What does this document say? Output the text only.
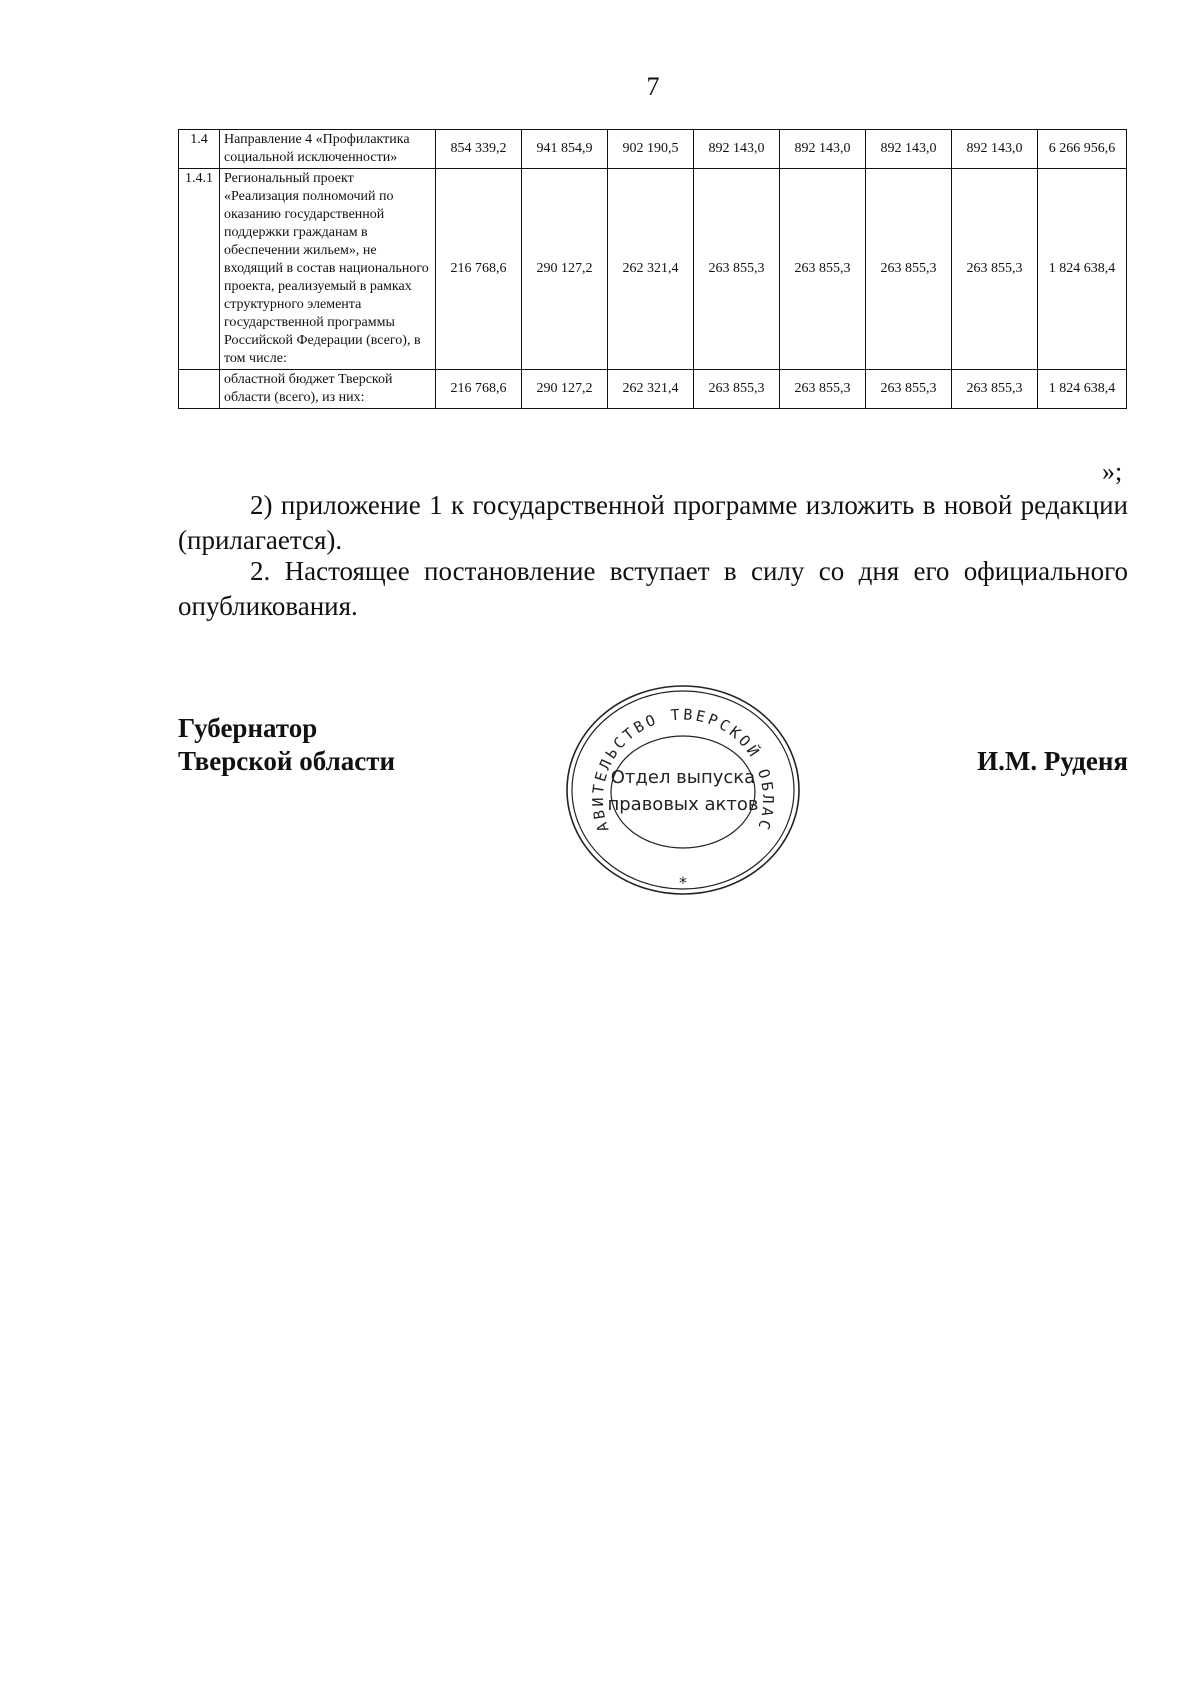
7
1.4	Направление 4 «Профилактика социальной исключенности»	854 339,2	941 854,9	902 190,5	892 143,0	892 143,0	892 143,0	892 143,0	6 266 956,6
1.4.1	Региональный проект «Реализация полномочий по оказанию государственной поддержки гражданам в обеспечении жильем», не входящий в состав национального проекта, реализуемый в рамках структурного элемента государственной программы Российской Федерации (всего), в том числе:	216 768,6	290 127,2	262 321,4	263 855,3	263 855,3	263 855,3	263 855,3	1 824 638,4
	областной бюджет Тверской области (всего), из них:	216 768,6	290 127,2	262 321,4	263 855,3	263 855,3	263 855,3	263 855,3	1 824 638,4
»;
2) приложение 1 к государственной программе изложить в новой редакции (прилагается).
2. Настоящее постановление вступает в силу со дня его официального опубликования.
Губернатор
Тверской области
АВИТЕЛЬСТВО ТВЕРСКОЙ ОБЛАС
Отдел выпуска
правовых актов
*
И.М. Руденя
